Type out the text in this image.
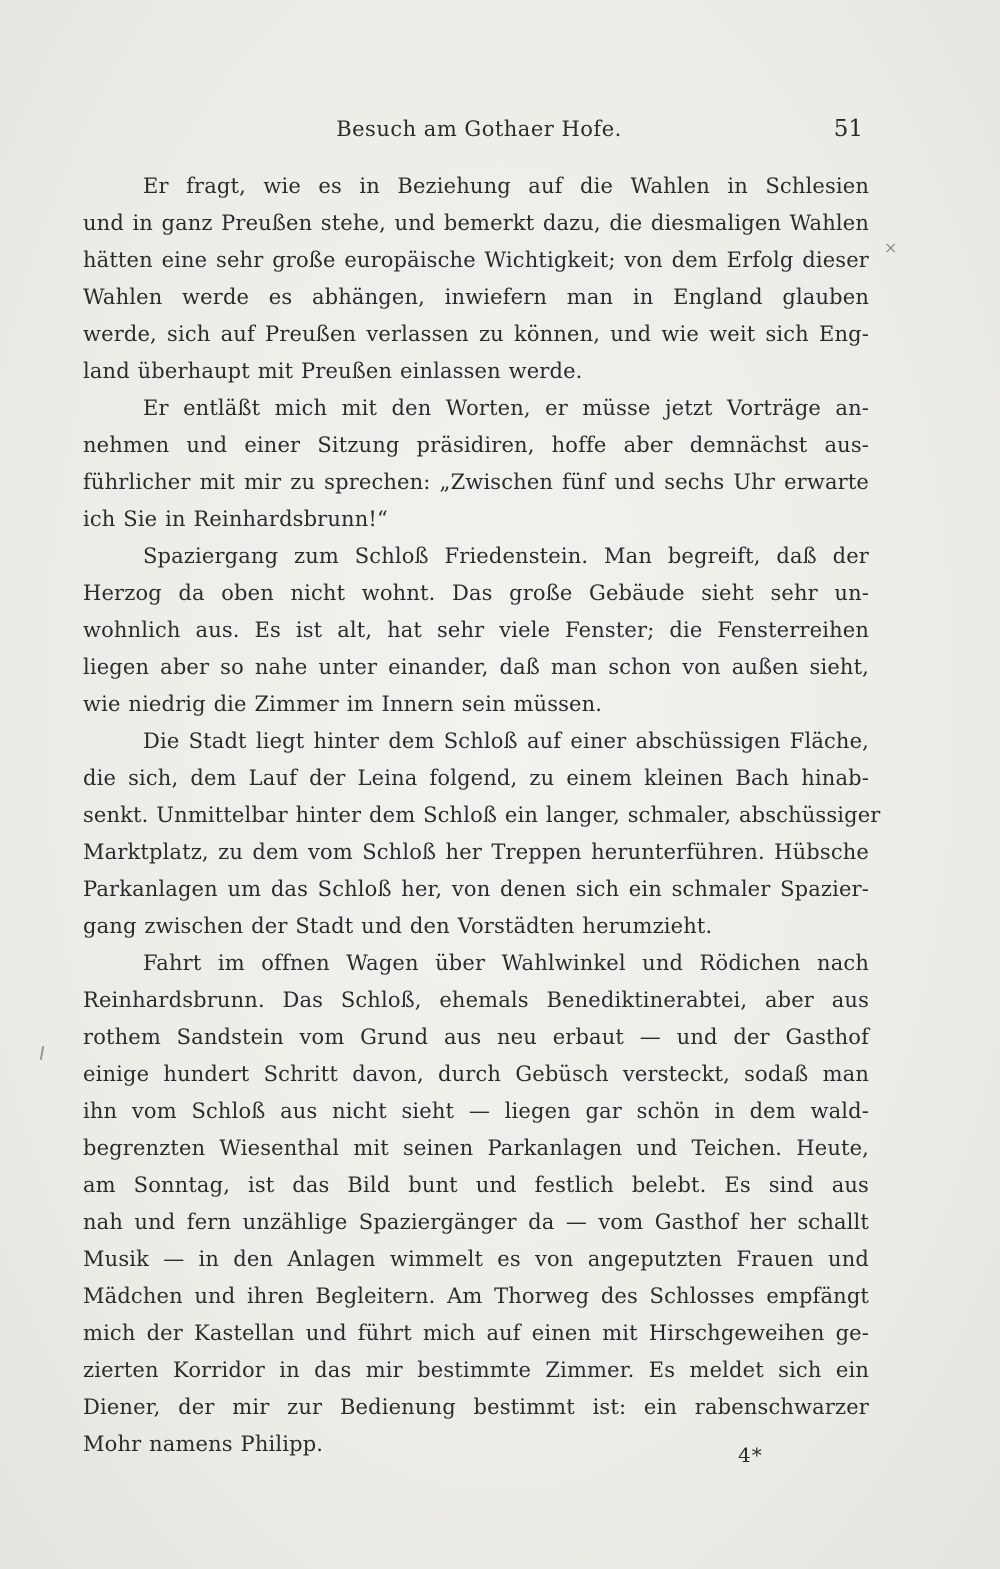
Besuch am Gothaer Hofe.	51
×
Er fragt, wie es in Beziehung auf die Wahlen in Schlesien
und in ganz Preußen stehe, und bemerkt dazu, die diesmaligen Wahlen
hätten eine sehr große europäische Wichtigkeit; von dem Erfolg dieser
Wahlen werde es abhängen, inwiefern man in England glauben
werde, sich auf Preußen verlassen zu können, und wie weit sich Eng-
land überhaupt mit Preußen einlassen werde.
Er entläßt mich mit den Worten, er müsse jetzt Vorträge an-
nehmen und einer Sitzung präsidiren, hoffe aber demnächst aus-
führlicher mit mir zu sprechen: „Zwischen fünf und sechs Uhr erwarte
ich Sie in Reinhardsbrunn!“
Spaziergang zum Schloß Friedenstein. Man begreift, daß der
Herzog da oben nicht wohnt. Das große Gebäude sieht sehr un-
wohnlich aus. Es ist alt, hat sehr viele Fenster; die Fensterreihen
liegen aber so nahe unter einander, daß man schon von außen sieht,
wie niedrig die Zimmer im Innern sein müssen.
Die Stadt liegt hinter dem Schloß auf einer abschüssigen Fläche,
die sich, dem Lauf der Leina folgend, zu einem kleinen Bach hinab-
senkt. Unmittelbar hinter dem Schloß ein langer, schmaler, abschüssiger
Marktplatz, zu dem vom Schloß her Treppen herunterführen. Hübsche
Parkanlagen um das Schloß her, von denen sich ein schmaler Spazier-
gang zwischen der Stadt und den Vorstädten herumzieht.
Fahrt im offnen Wagen über Wahlwinkel und Rödichen nach
Reinhardsbrunn. Das Schloß, ehemals Benediktinerabtei, aber aus
rothem Sandstein vom Grund aus neu erbaut — und der Gasthof
einige hundert Schritt davon, durch Gebüsch versteckt, sodaß man
ihn vom Schloß aus nicht sieht — liegen gar schön in dem wald-
begrenzten Wiesenthal mit seinen Parkanlagen und Teichen. Heute,
am Sonntag, ist das Bild bunt und festlich belebt. Es sind aus
nah und fern unzählige Spaziergänger da — vom Gasthof her schallt
Musik — in den Anlagen wimmelt es von angeputzten Frauen und
Mädchen und ihren Begleitern. Am Thorweg des Schlosses empfängt
mich der Kastellan und führt mich auf einen mit Hirschgeweihen ge-
zierten Korridor in das mir bestimmte Zimmer. Es meldet sich ein
Diener, der mir zur Bedienung bestimmt ist: ein rabenschwarzer
Mohr namens Philipp.	4*
